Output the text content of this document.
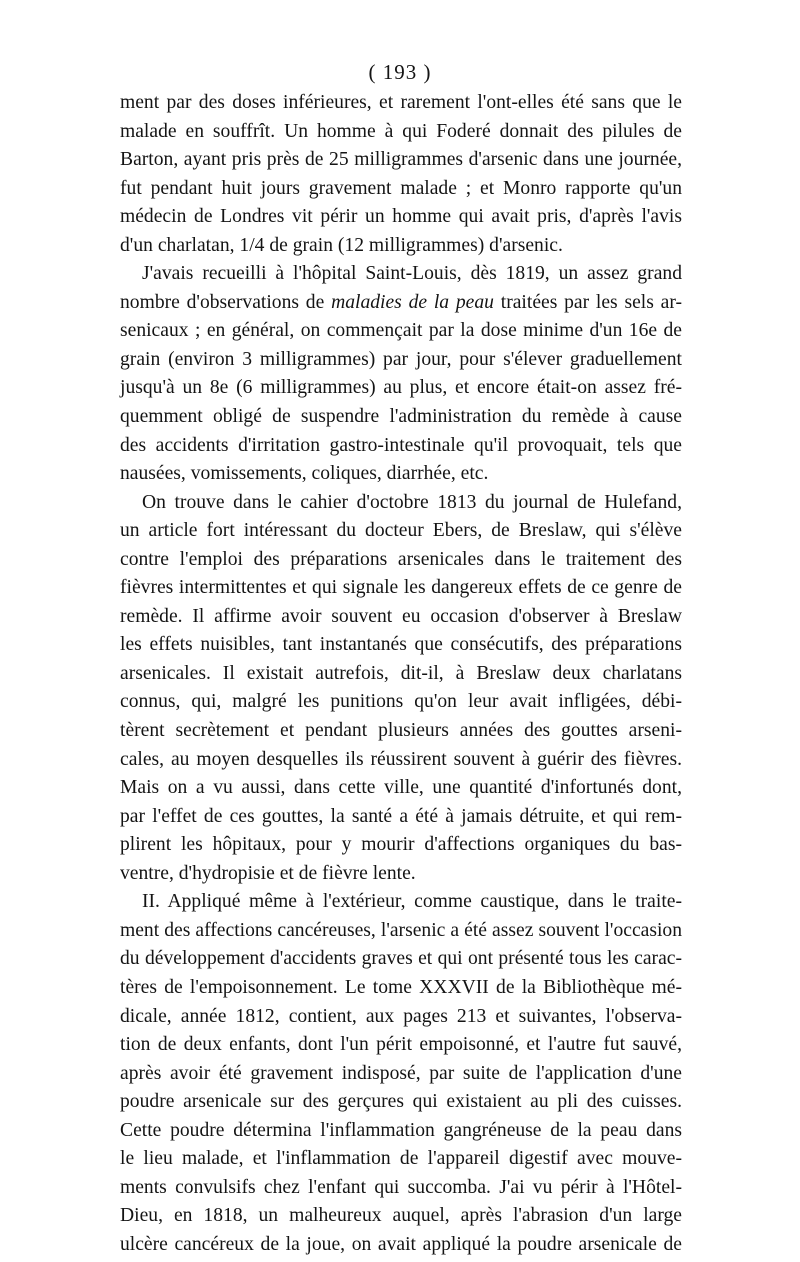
( 193 )
ment par des doses inférieures, et rarement l'ont-elles été sans que le
malade en souffrît. Un homme à qui Foderé donnait des pilules de
Barton, ayant pris près de 25 milligrammes d'arsenic dans une journée,
fut pendant huit jours gravement malade ; et Monro rapporte qu'un
médecin de Londres vit périr un homme qui avait pris, d'après l'avis
d'un charlatan, 1/4 de grain (12 milligrammes) d'arsenic.
J'avais recueilli à l'hôpital Saint-Louis, dès 1819, un assez grand
nombre d'observations de maladies de la peau traitées par les sels ar-
senicaux ; en général, on commençait par la dose minime d'un 16e de
grain (environ 3 milligrammes) par jour, pour s'élever graduellement
jusqu'à un 8e (6 milligrammes) au plus, et encore était-on assez fré-
quemment obligé de suspendre l'administration du remède à cause
des accidents d'irritation gastro-intestinale qu'il provoquait, tels que
nausées, vomissements, coliques, diarrhée, etc.
On trouve dans le cahier d'octobre 1813 du journal de Hulefand,
un article fort intéressant du docteur Ebers, de Breslaw, qui s'élève
contre l'emploi des préparations arsenicales dans le traitement des
fièvres intermittentes et qui signale les dangereux effets de ce genre de
remède. Il affirme avoir souvent eu occasion d'observer à Breslaw
les effets nuisibles, tant instantanés que consécutifs, des préparations
arsenicales. Il existait autrefois, dit-il, à Breslaw deux charlatans
connus, qui, malgré les punitions qu'on leur avait infligées, débi-
tèrent secrètement et pendant plusieurs années des gouttes arseni-
cales, au moyen desquelles ils réussirent souvent à guérir des fièvres.
Mais on a vu aussi, dans cette ville, une quantité d'infortunés dont,
par l'effet de ces gouttes, la santé a été à jamais détruite, et qui rem-
plirent les hôpitaux, pour y mourir d'affections organiques du bas-
ventre, d'hydropisie et de fièvre lente.
II. Appliqué même à l'extérieur, comme caustique, dans le traite-
ment des affections cancéreuses, l'arsenic a été assez souvent l'occasion
du développement d'accidents graves et qui ont présenté tous les carac-
tères de l'empoisonnement. Le tome XXXVII de la Bibliothèque mé-
dicale, année 1812, contient, aux pages 213 et suivantes, l'observa-
tion de deux enfants, dont l'un périt empoisonné, et l'autre fut sauvé,
après avoir été gravement indisposé, par suite de l'application d'une
poudre arsenicale sur des gerçures qui existaient au pli des cuisses.
Cette poudre détermina l'inflammation gangréneuse de la peau dans
le lieu malade, et l'inflammation de l'appareil digestif avec mouve-
ments convulsifs chez l'enfant qui succomba. J'ai vu périr à l'Hôtel-
Dieu, en 1818, un malheureux auquel, après l'abrasion d'un large
ulcère cancéreux de la joue, on avait appliqué la poudre arsenicale de
